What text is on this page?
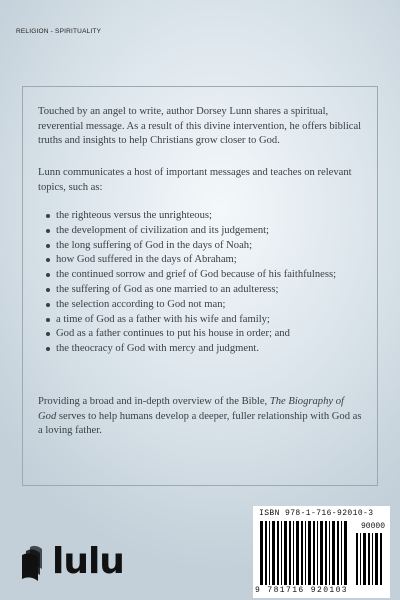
RELIGION - SPIRITUALITY
Touched by an angel to write, author Dorsey Lunn shares a spiritual, reverential message. As a result of this divine intervention, he offers biblical truths and insights to help Christians grow closer to God.
Lunn communicates a host of important messages and teaches on relevant topics, such as:
the righteous versus the unrighteous;
the development of civilization and its judgement;
the long suffering of God in the days of Noah;
how God suffered in the days of Abraham;
the continued sorrow and grief of God because of his faithfulness;
the suffering of God as one married to an adulteress;
the selection according to God not man;
a time of God as a father with his wife and family;
God as a father continues to put his house in order; and
the theocracy of God with mercy and judgment.
Providing a broad and in-depth overview of the Bible, The Biography of God serves to help humans develop a deeper, fuller relationship with God as a loving father.
ISBN 978-1-716-92010-3
90000
9 781716 920103
lulu
